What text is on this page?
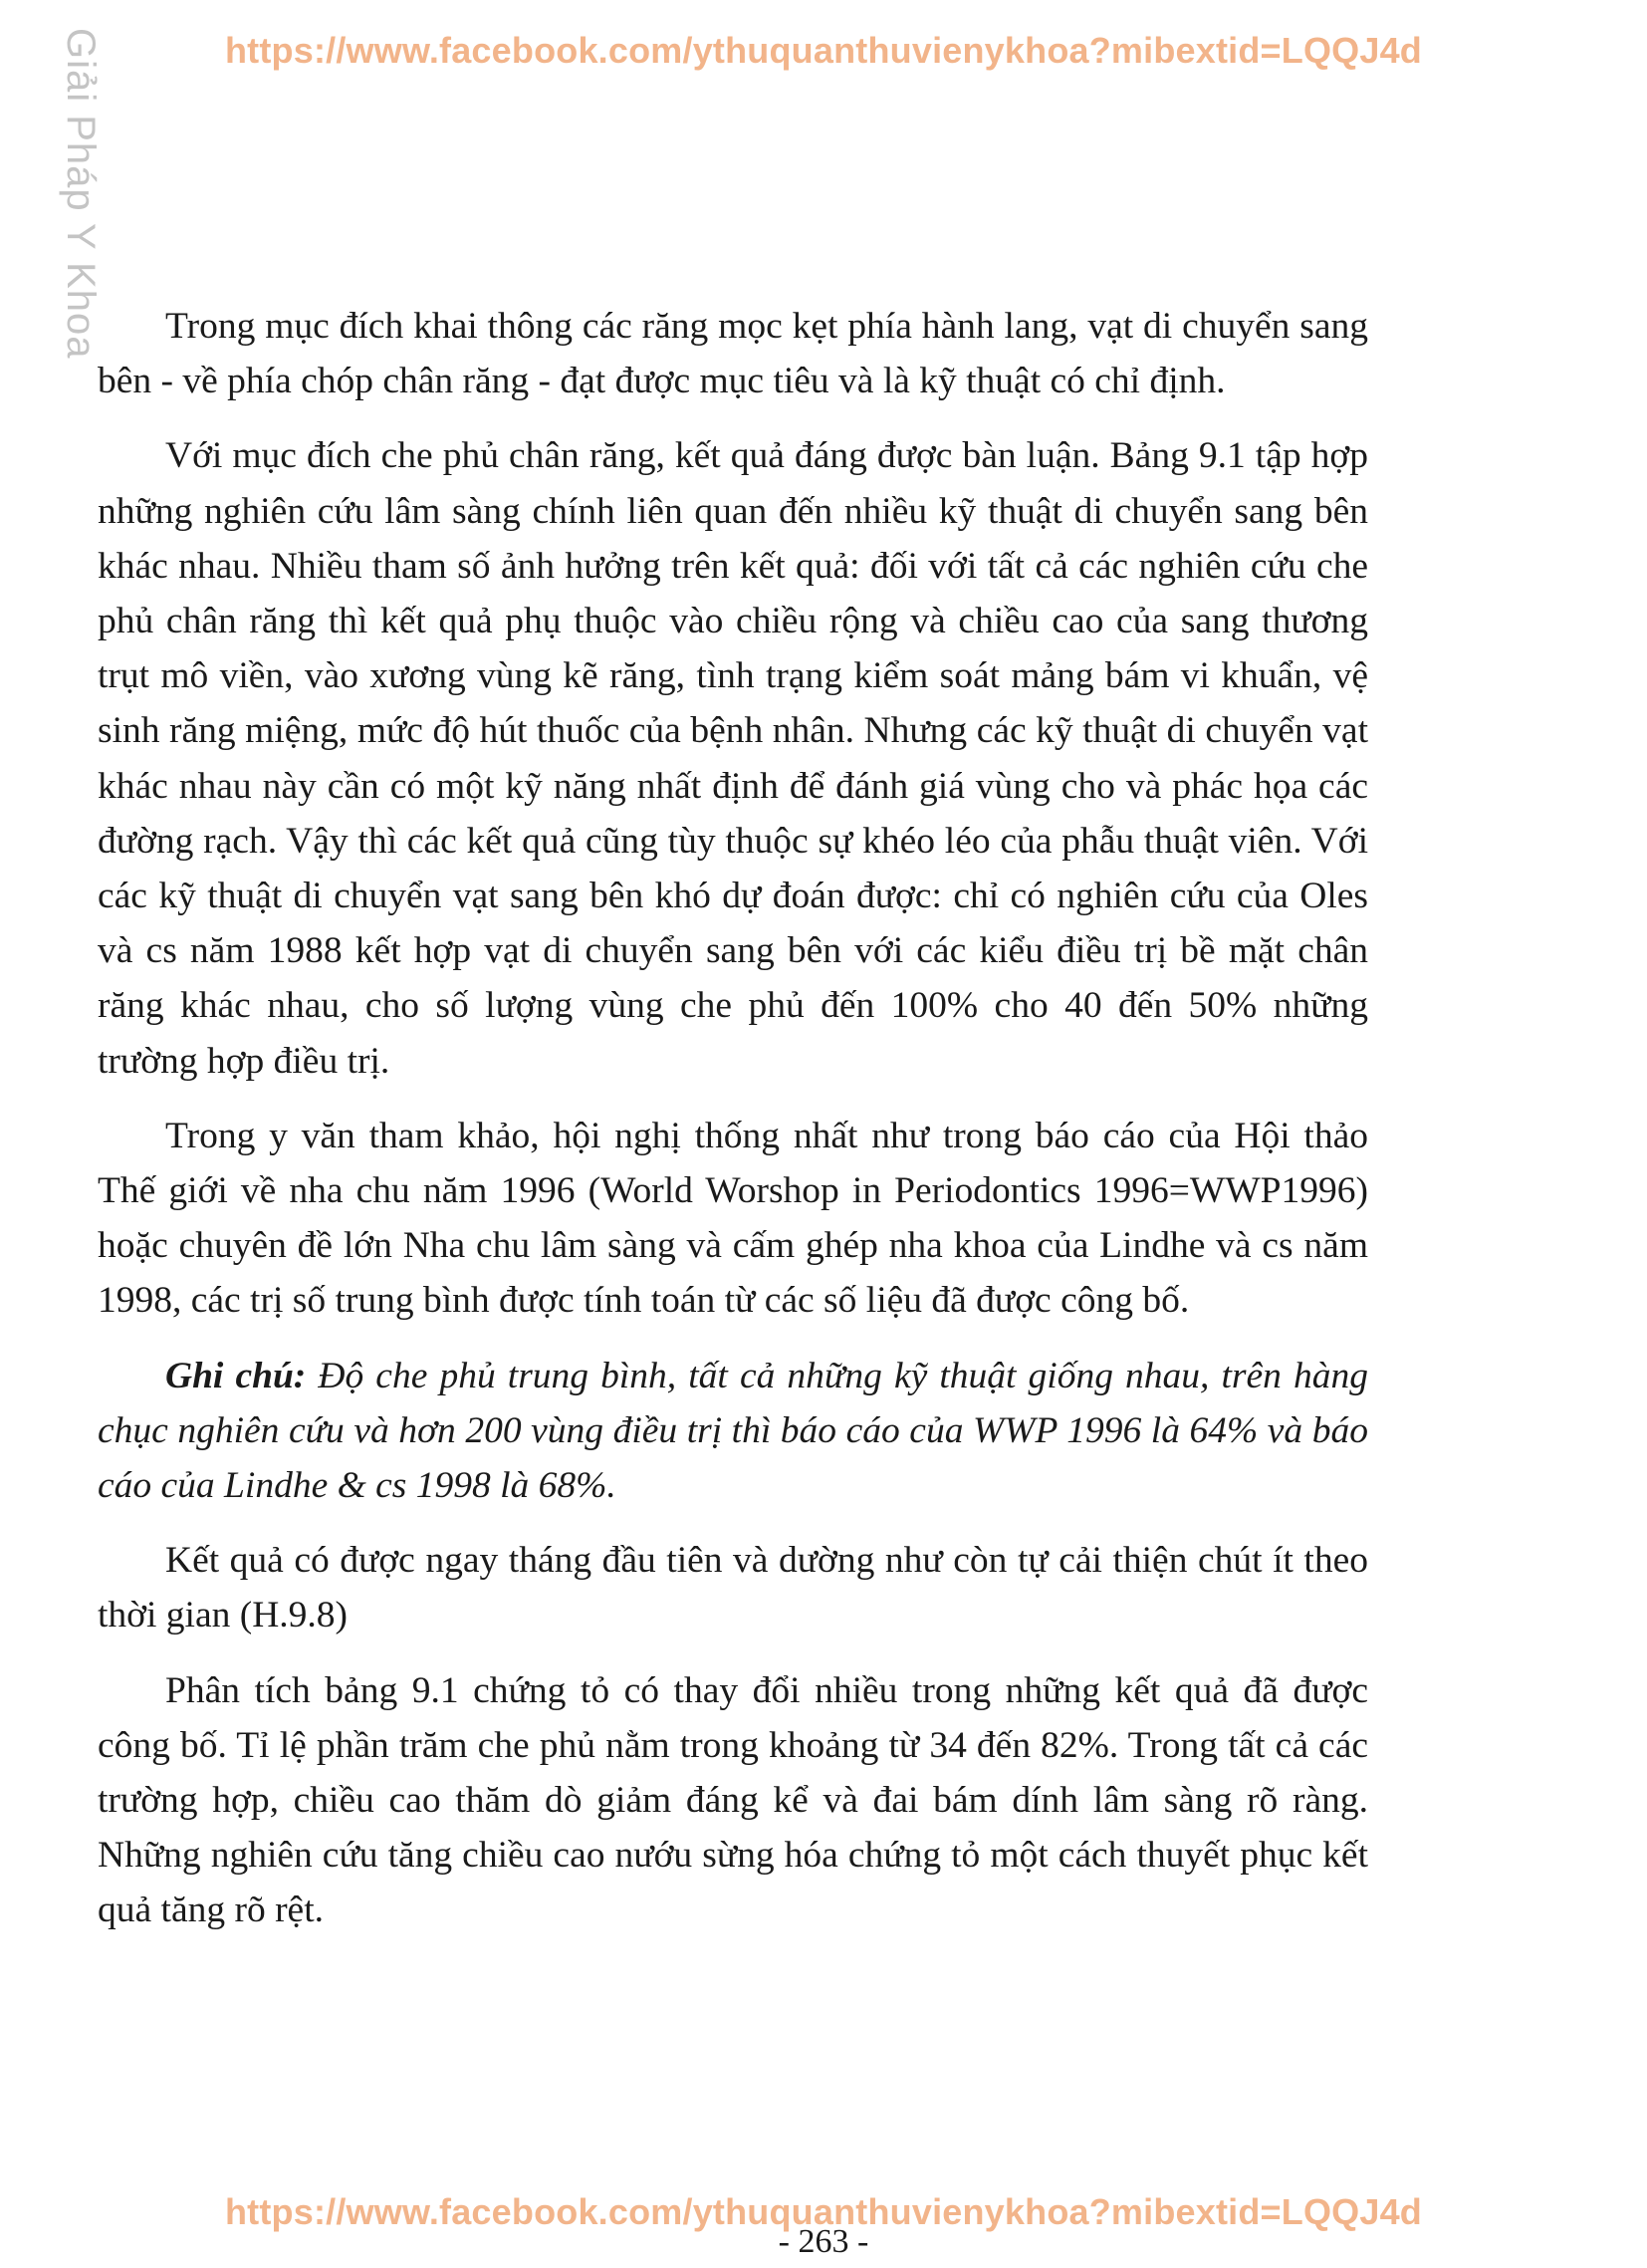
https://www.facebook.com/ythuquanthuvienykhoa?mibextid=LQQJ4d
Giải Pháp Y Khoa	Trong mục đích khai thông các răng mọc kẹt phía hành lang, vạt di chuyển sang bên - về phía chóp chân răng - đạt được mục tiêu và là kỹ thuật có chỉ định.

Với mục đích che phủ chân răng, kết quả đáng được bàn luận. Bảng 9.1 tập hợp những nghiên cứu lâm sàng chính liên quan đến nhiều kỹ thuật di chuyển sang bên khác nhau. Nhiều tham số ảnh hưởng trên kết quả: đối với tất cả các nghiên cứu che phủ chân răng thì kết quả phụ thuộc vào chiều rộng và chiều cao của sang thương trụt mô viền, vào xương vùng kẽ răng, tình trạng kiểm soát mảng bám vi khuẩn, vệ sinh răng miệng, mức độ hút thuốc của bệnh nhân. Nhưng các kỹ thuật di chuyển vạt khác nhau này cần có một kỹ năng nhất định để đánh giá vùng cho và phác họa các đường rạch. Vậy thì các kết quả cũng tùy thuộc sự khéo léo của phẫu thuật viên. Với các kỹ thuật di chuyển vạt sang bên khó dự đoán được: chỉ có nghiên cứu của Oles và cs năm 1988 kết hợp vạt di chuyển sang bên với các kiểu điều trị bề mặt chân răng khác nhau, cho số lượng vùng che phủ đến 100% cho 40 đến 50% những trường hợp điều trị.

Trong y văn tham khảo, hội nghị thống nhất như trong báo cáo của Hội thảo Thế giới về nha chu năm 1996 (World Worshop in Periodontics 1996=WWP1996) hoặc chuyên đề lớn Nha chu lâm sàng và cấm ghép nha khoa của Lindhe và cs năm 1998, các trị số trung bình được tính toán từ các số liệu đã được công bố.

Ghi chú: Độ che phủ trung bình, tất cả những kỹ thuật giống nhau, trên hàng chục nghiên cứu và hơn 200 vùng điều trị thì báo cáo của WWP 1996 là 64% và báo cáo của Lindhe & cs 1998 là 68%.

Kết quả có được ngay tháng đầu tiên và dường như còn tự cải thiện chút ít theo thời gian (H.9.8)

Phân tích bảng 9.1 chứng tỏ có thay đổi nhiều trong những kết quả đã được công bố. Tỉ lệ phần trăm che phủ nằm trong khoảng từ 34 đến 82%. Trong tất cả các trường hợp, chiều cao thăm dò giảm đáng kể và đai bám dính lâm sàng rõ ràng. Những nghiên cứu tăng chiều cao nướu sừng hóa chứng tỏ một cách thuyết phục kết quả tăng rõ rệt.

https://www.facebook.com/ythuquanthuvienykhoa?mibextid=LQQJ4d
- 263 -
